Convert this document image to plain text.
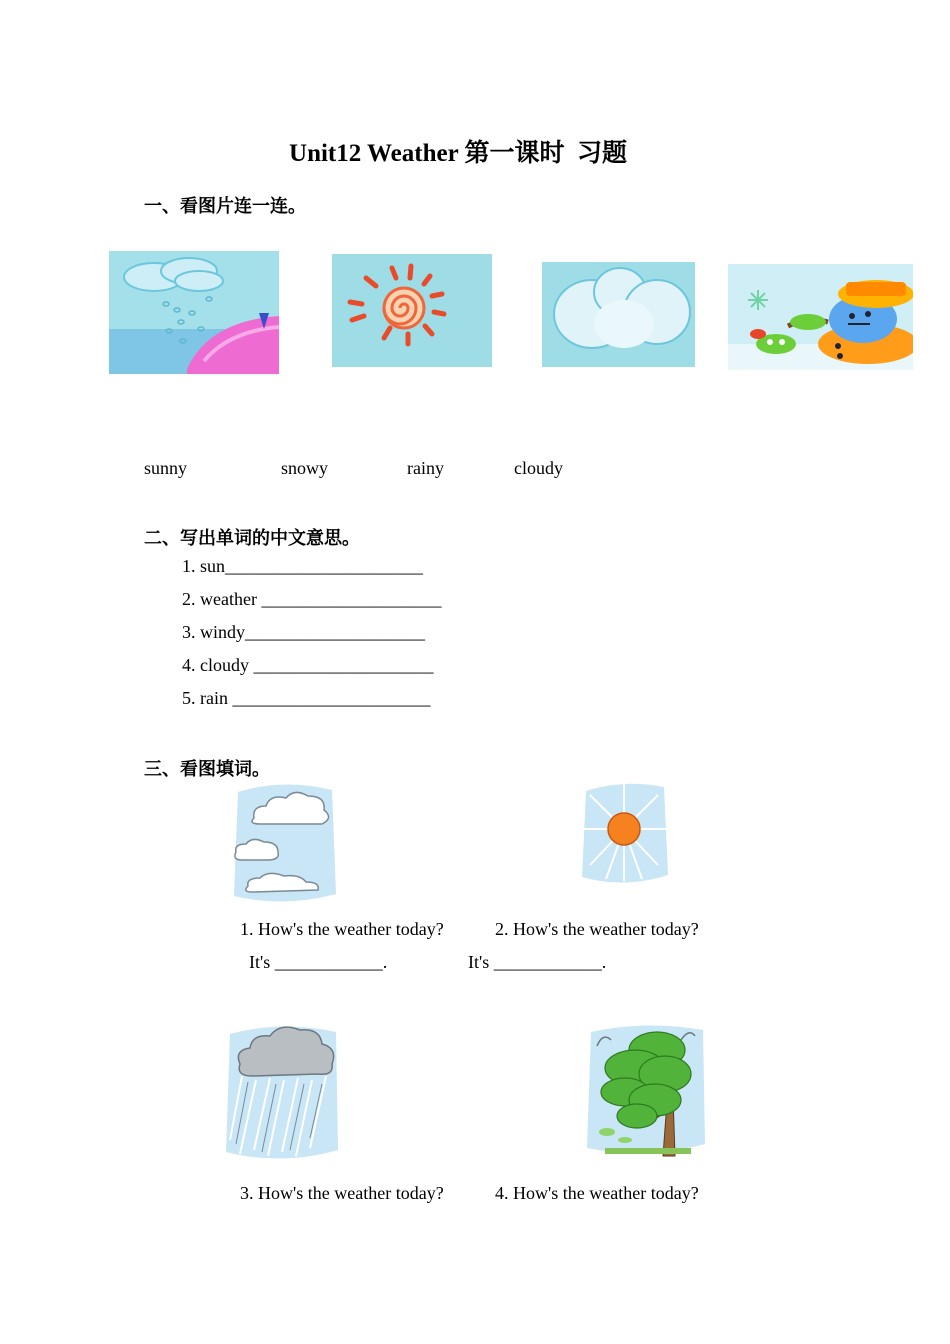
Unit12 Weather 第一课时  习题
一、看图片连一连。
sunny	snowy	rainy	cloudy
二、写出单词的中文意思。
1. sun______________________
2. weather ____________________
3. windy____________________
4. cloudy ____________________
5. rain ______________________
三、看图填词。
1. How's the weather today?	2. How's the weather today?
It's ____________.	It's ____________.
3. How's the weather today?	4. How's the weather today?
